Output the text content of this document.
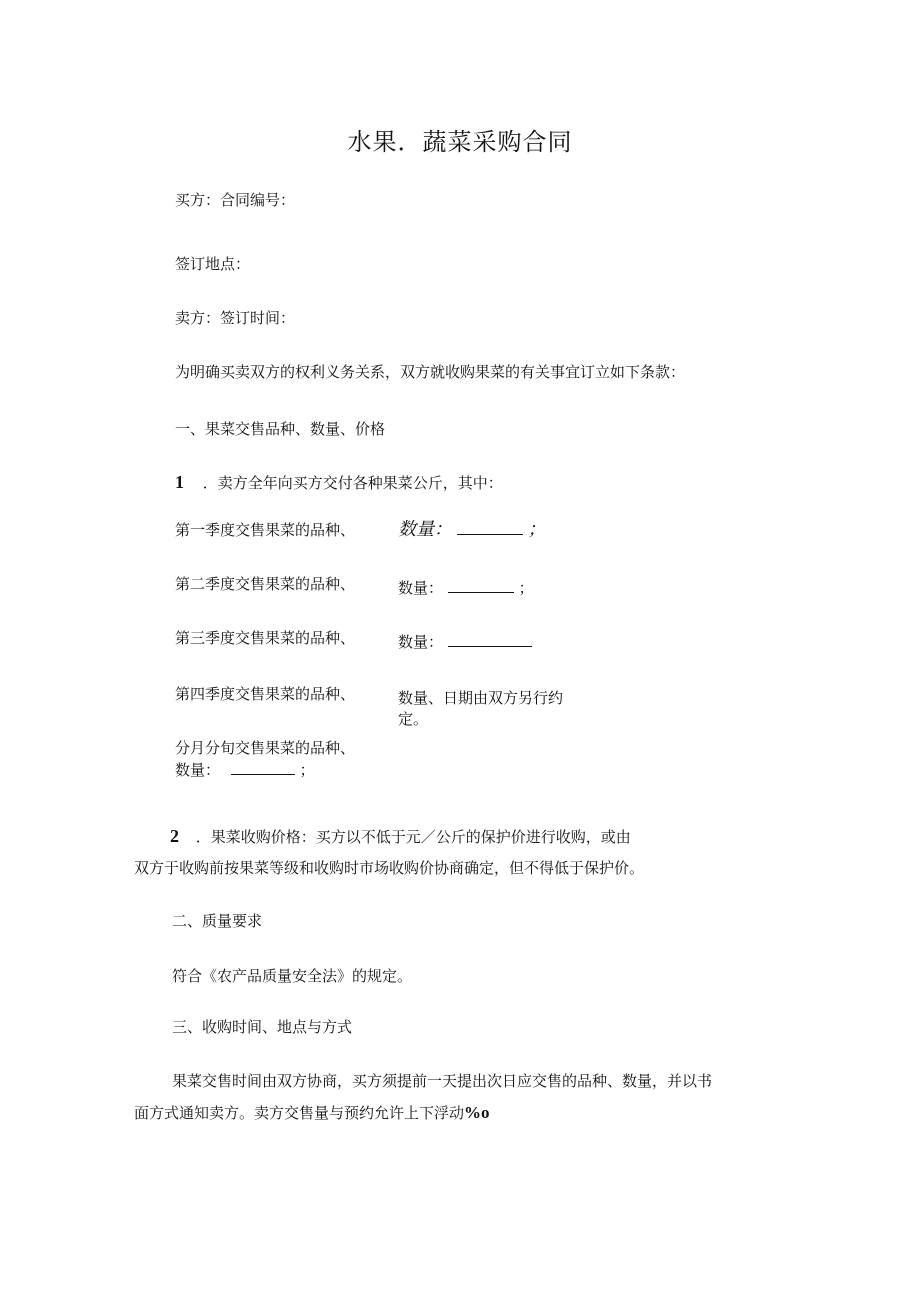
水果．蔬菜采购合同
买方：合同编号：
签订地点：
卖方：签订时间：
为明确买卖双方的权利义务关系，双方就收购果菜的有关事宜订立如下条款：
一、果菜交售品种、数量、价格
1 ．卖方全年向买方交付各种果菜公斤，其中：
第一季度交售果菜的品种、 数量：	；
第二季度交售果菜的品种、	数量：	；
第三季度交售果菜的品种、	数量：
第四季度交售果菜的品种、	数量、日期由双方另行约
定。
分月分旬交售果菜的品种、
数量：	；
2 ．果菜收购价格：买方以不低于元／公斤的保护价进行收购，或由
双方于收购前按果菜等级和收购时市场收购价协商确定，但不得低于保护价。
二、质量要求
符合《农产品质量安全法》的规定。
三、收购时间、地点与方式
果菜交售时间由双方协商，买方须提前一天提出次日应交售的品种、数量，并以书
面方式通知卖方。卖方交售量与预约允许上下浮动%o
